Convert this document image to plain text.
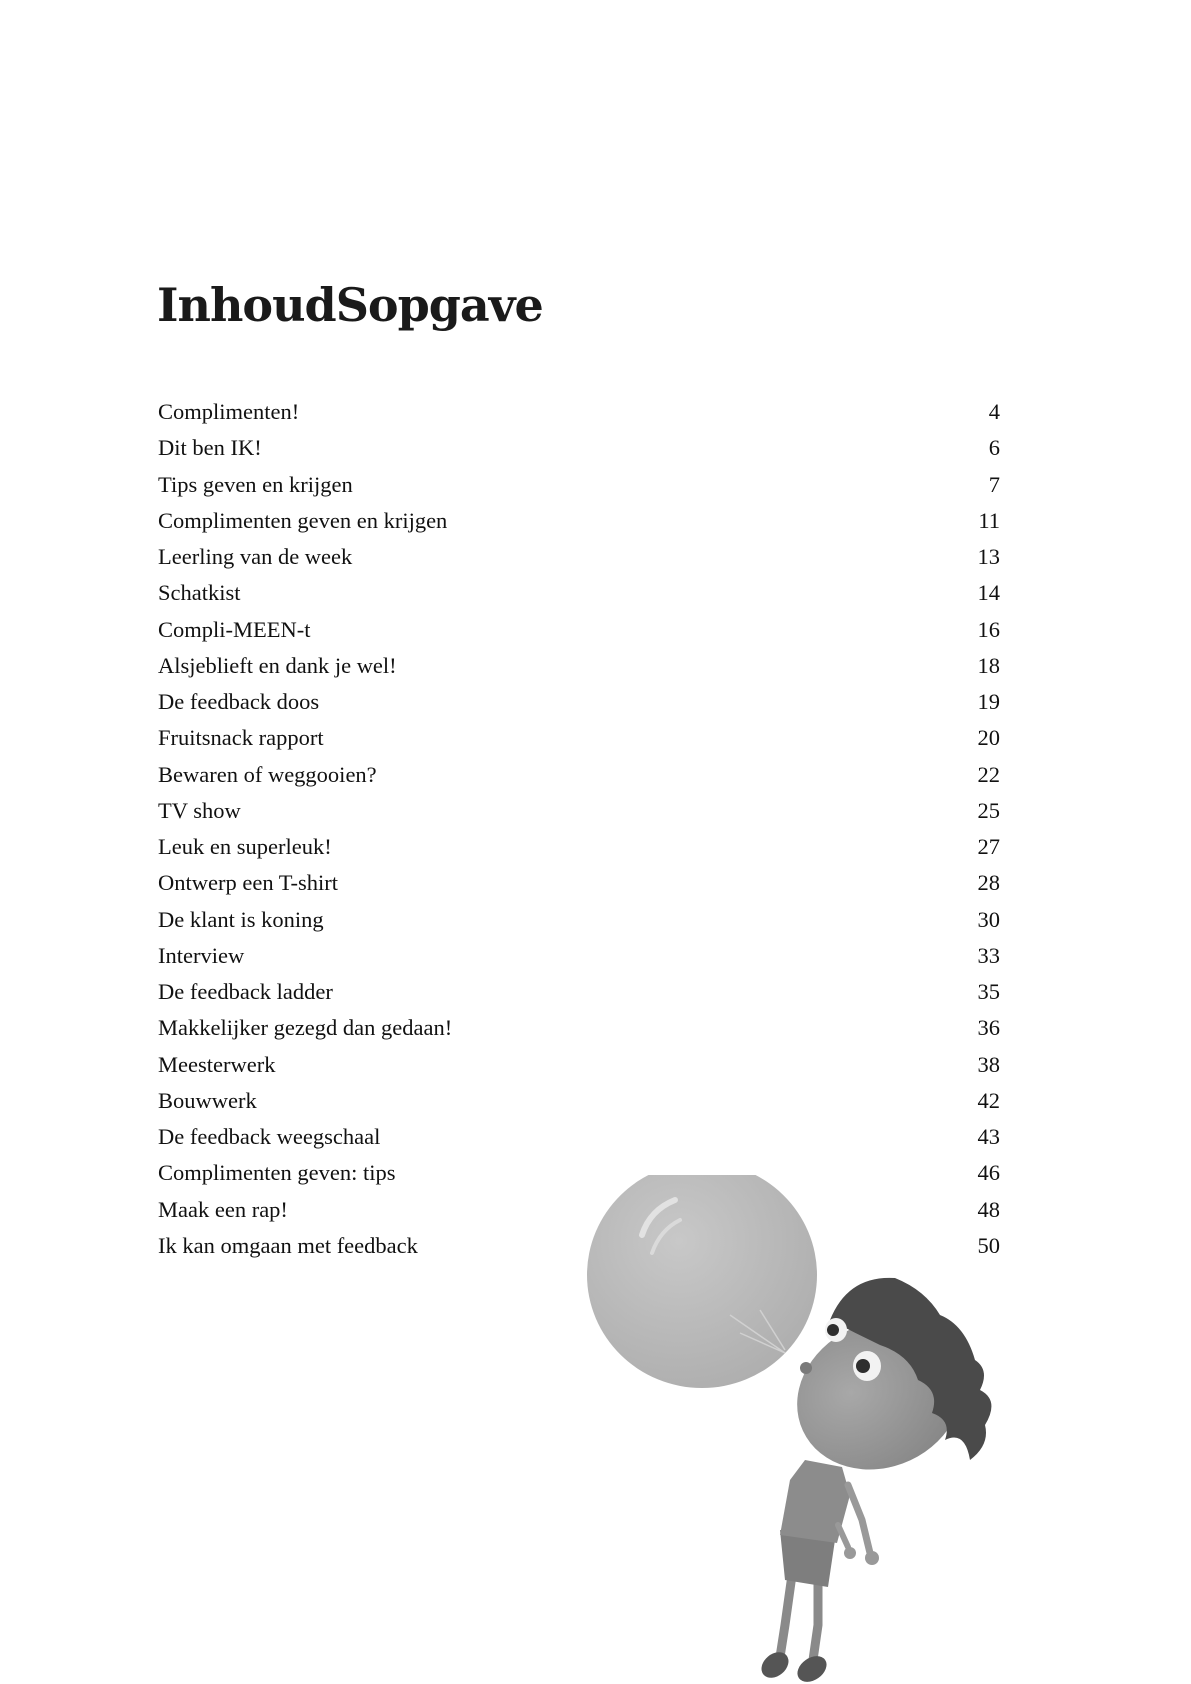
InhoudSopgave
Complimenten!	4
Dit ben IK!	6
Tips geven en krijgen	7
Complimenten geven en krijgen	11
Leerling van de week	13
Schatkist	14
Compli-MEEN-t	16
Alsjeblieft en dank je wel!	18
De feedback doos	19
Fruitsnack rapport	20
Bewaren of weggooien?	22
TV show	25
Leuk en superleuk!	27
Ontwerp een T-shirt	28
De klant is koning	30
Interview	33
De feedback ladder	35
Makkelijker gezegd dan gedaan!	36
Meesterwerk	38
Bouwwerk	42
De feedback weegschaal	43
Complimenten geven: tips	46
Maak een rap!	48
Ik kan omgaan met feedback	50
